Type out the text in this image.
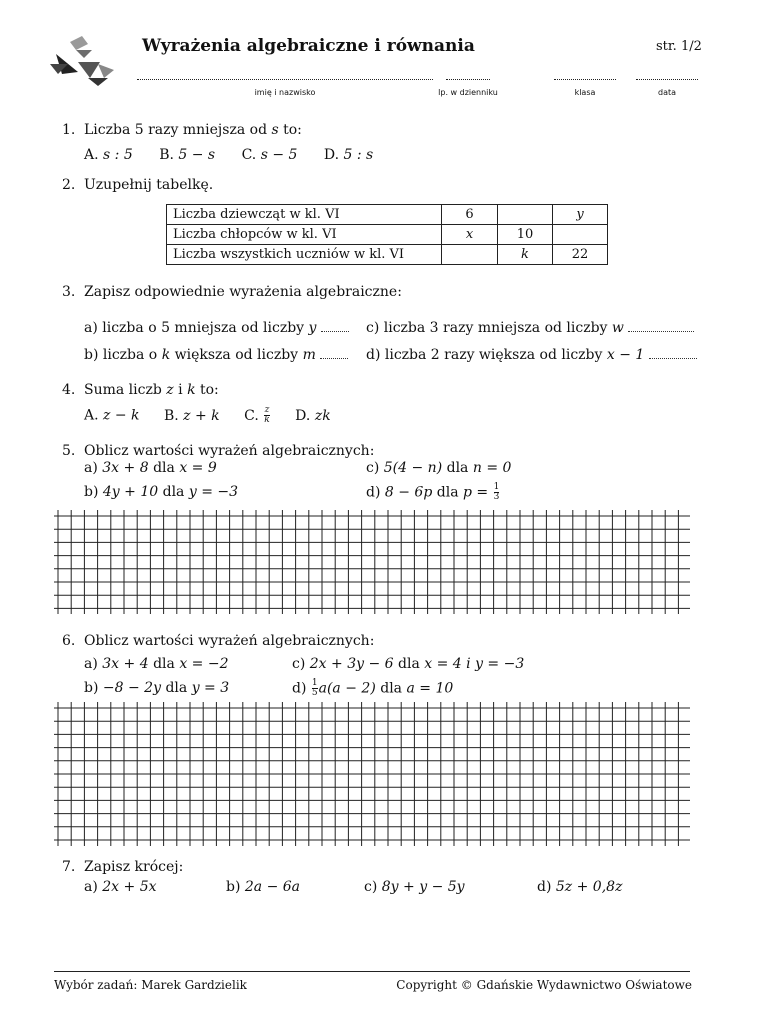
Wyrażenia algebraiczne i równania	str. 1/2
imię i nazwisko	lp. w dzienniku	klasa	data
1. Liczba 5 razy mniejsza od s to:
A. s : 5 B. 5 − s C. s − 5 D. 5 : s
2. Uzupełnij tabelkę.
Liczba dziewcząt w kl. VI	6		y
Liczba chłopców w kl. VI	x	10	
Liczba wszystkich uczniów w kl. VI		k	22
3. Zapisz odpowiednie wyrażenia algebraiczne:
a) liczba o 5 mniejsza od liczby y	c) liczba 3 razy mniejsza od liczby w
b) liczba o k większa od liczby m	d) liczba 2 razy większa od liczby x − 1
4. Suma liczb z i k to:
A. z − k B. z + k C. $\frac{z}{k} D$. zk
5. Oblicz wartości wyrażeń algebraicznych:
a) 3x + 8 dla x = 9	c) 5(4 − n) dla n = 0
b) 4y + 10 dla y = −3	d) 8 − 6p dla $p = \frac{1}{3}$
6. Oblicz wartości wyrażeń algebraicznych:
a) 3x + 4 dla x = −2	c) 2x + 3y − 6 dla x = 4 i y = −3
b) −8 − 2y dla y = 3	$d) \frac{1}{5} a(a - 2)$ dla a = 10
7. Zapisz krócej:
a) 2x + 5x	b) 2a − 6a	c) 8y + y − 5y	d) 5z + 0,8z
Wybór zadań: Marek Gardzielik	Copyright © Gdańskie Wydawnictwo Oświatowe
